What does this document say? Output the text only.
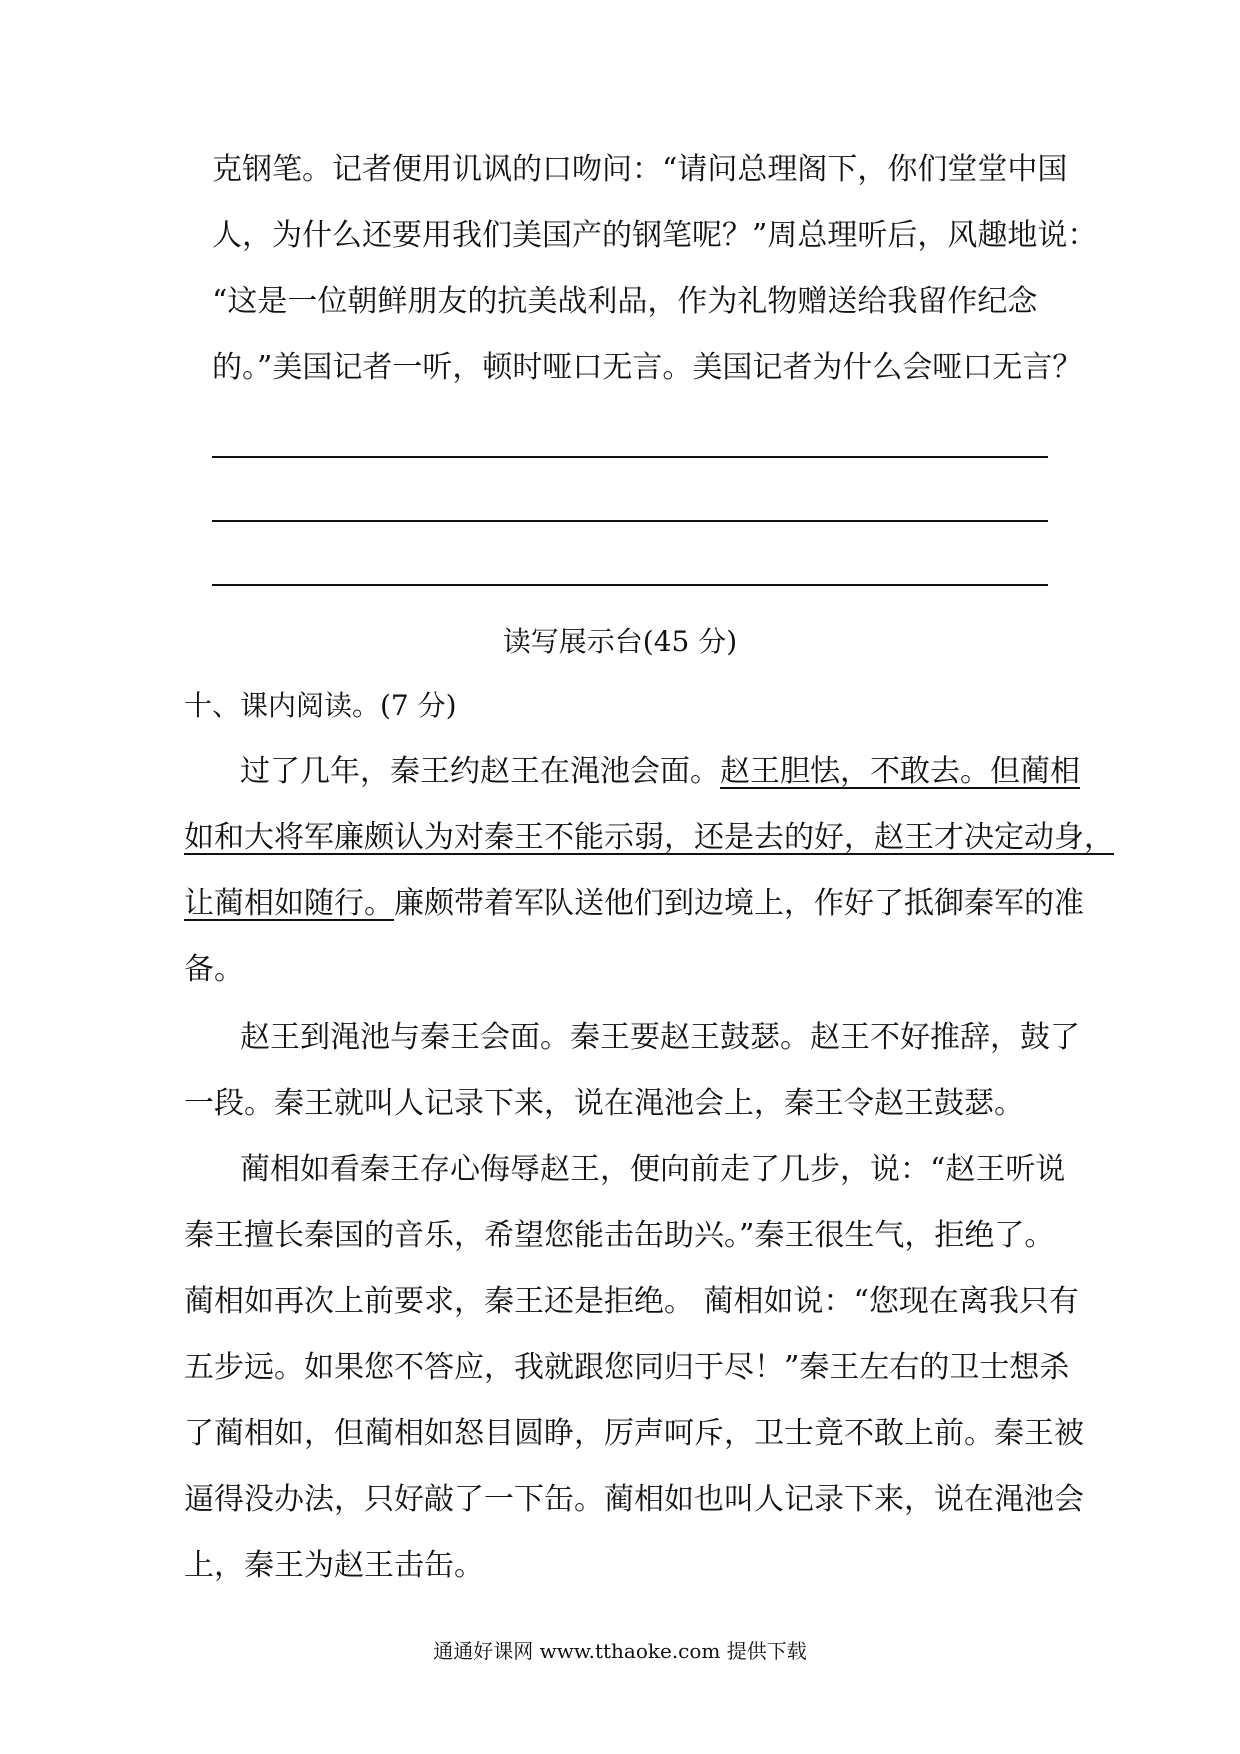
克钢笔。记者便用讥讽的口吻问：“请问总理阁下，你们堂堂中国
人，为什么还要用我们美国产的钢笔呢？”周总理听后，风趣地说：
“这是一位朝鲜朋友的抗美战利品，作为礼物赠送给我留作纪念
的。”美国记者一听，顿时哑口无言。美国记者为什么会哑口无言？
读写展示台(45 分)
十、课内阅读。(7 分)
过了几年，秦王约赵王在渑池会面。赵王胆怯，不敢去。但蔺相
如和大将军廉颇认为对秦王不能示弱，还是去的好，赵王才决定动身，
让蔺相如随行。廉颇带着军队送他们到边境上，作好了抵御秦军的准
备。
赵王到渑池与秦王会面。秦王要赵王鼓瑟。赵王不好推辞，鼓了
一段。秦王就叫人记录下来，说在渑池会上，秦王令赵王鼓瑟。
蔺相如看秦王存心侮辱赵王，便向前走了几步，说：“赵王听说
秦王擅长秦国的音乐，希望您能击缶助兴。”秦王很生气，拒绝了。
蔺相如再次上前要求，秦王还是拒绝。 蔺相如说：“您现在离我只有
五步远。如果您不答应，我就跟您同归于尽！”秦王左右的卫士想杀
了蔺相如，但蔺相如怒目圆睁，厉声呵斥，卫士竟不敢上前。秦王被
逼得没办法，只好敲了一下缶。蔺相如也叫人记录下来，说在渑池会
上，秦王为赵王击缶。
通通好课网 www.tthaoke.com 提供下载
